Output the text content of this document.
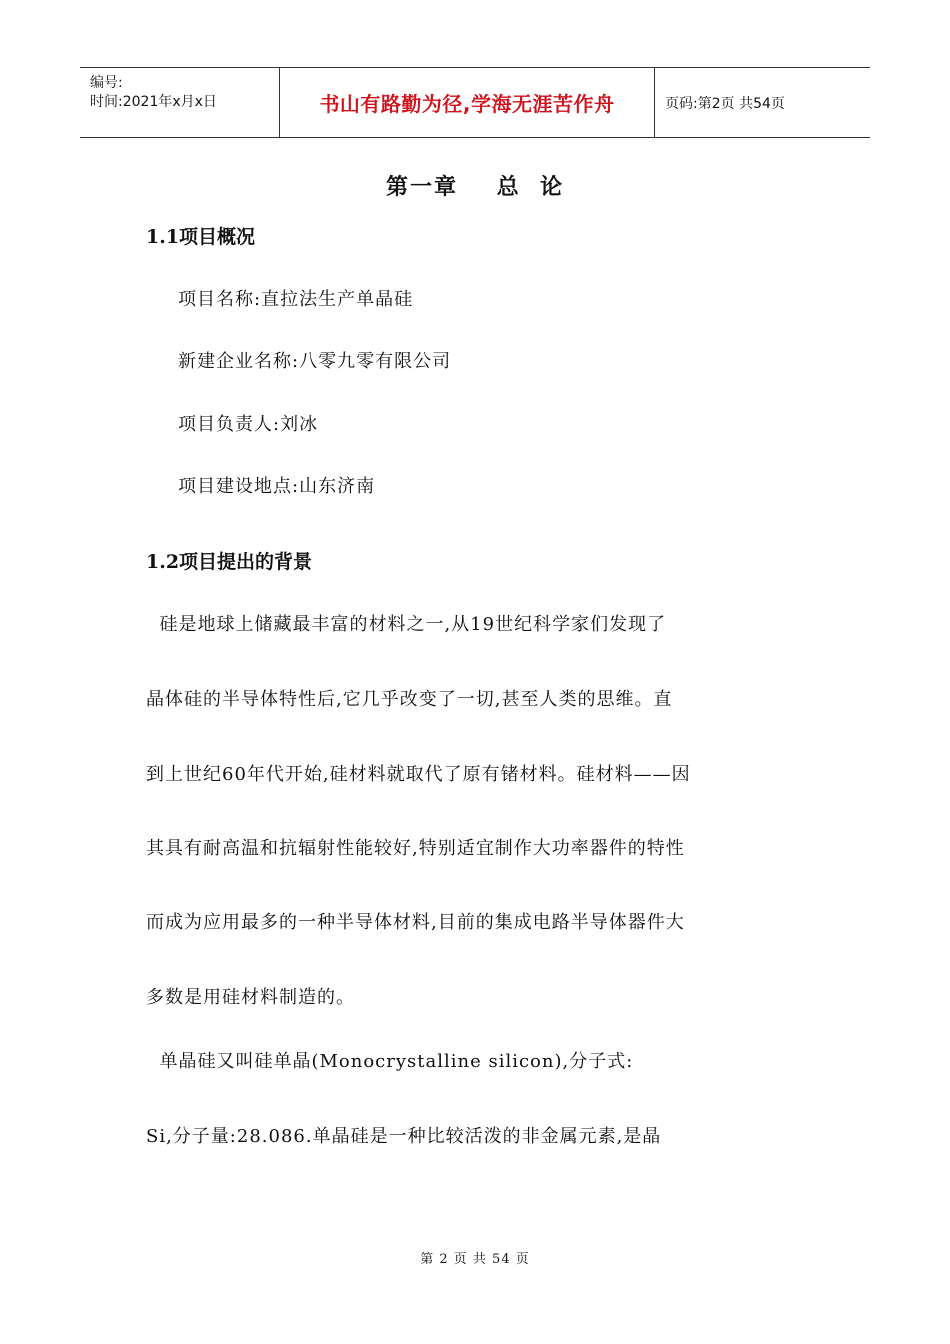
编号:
时间:2021年x月x日	书山有路勤为径,学海无涯苦作舟	页码:第2页 共54页
第一章    总  论
1.1项目概况
项目名称:直拉法生产单晶硅
新建企业名称:八零九零有限公司
项目负责人:刘冰
项目建设地点:山东济南
1.2项目提出的背景
硅是地球上储藏最丰富的材料之一,从19世纪科学家们发现了
晶体硅的半导体特性后,它几乎改变了一切,甚至人类的思维。直
到上世纪60年代开始,硅材料就取代了原有锗材料。硅材料——因
其具有耐高温和抗辐射性能较好,特别适宜制作大功率器件的特性
而成为应用最多的一种半导体材料,目前的集成电路半导体器件大
多数是用硅材料制造的。
单晶硅又叫硅单晶(Monocrystalline silicon),分子式:
Si,分子量:28.086.单晶硅是一种比较活泼的非金属元素,是晶
第 2 页 共 54 页
